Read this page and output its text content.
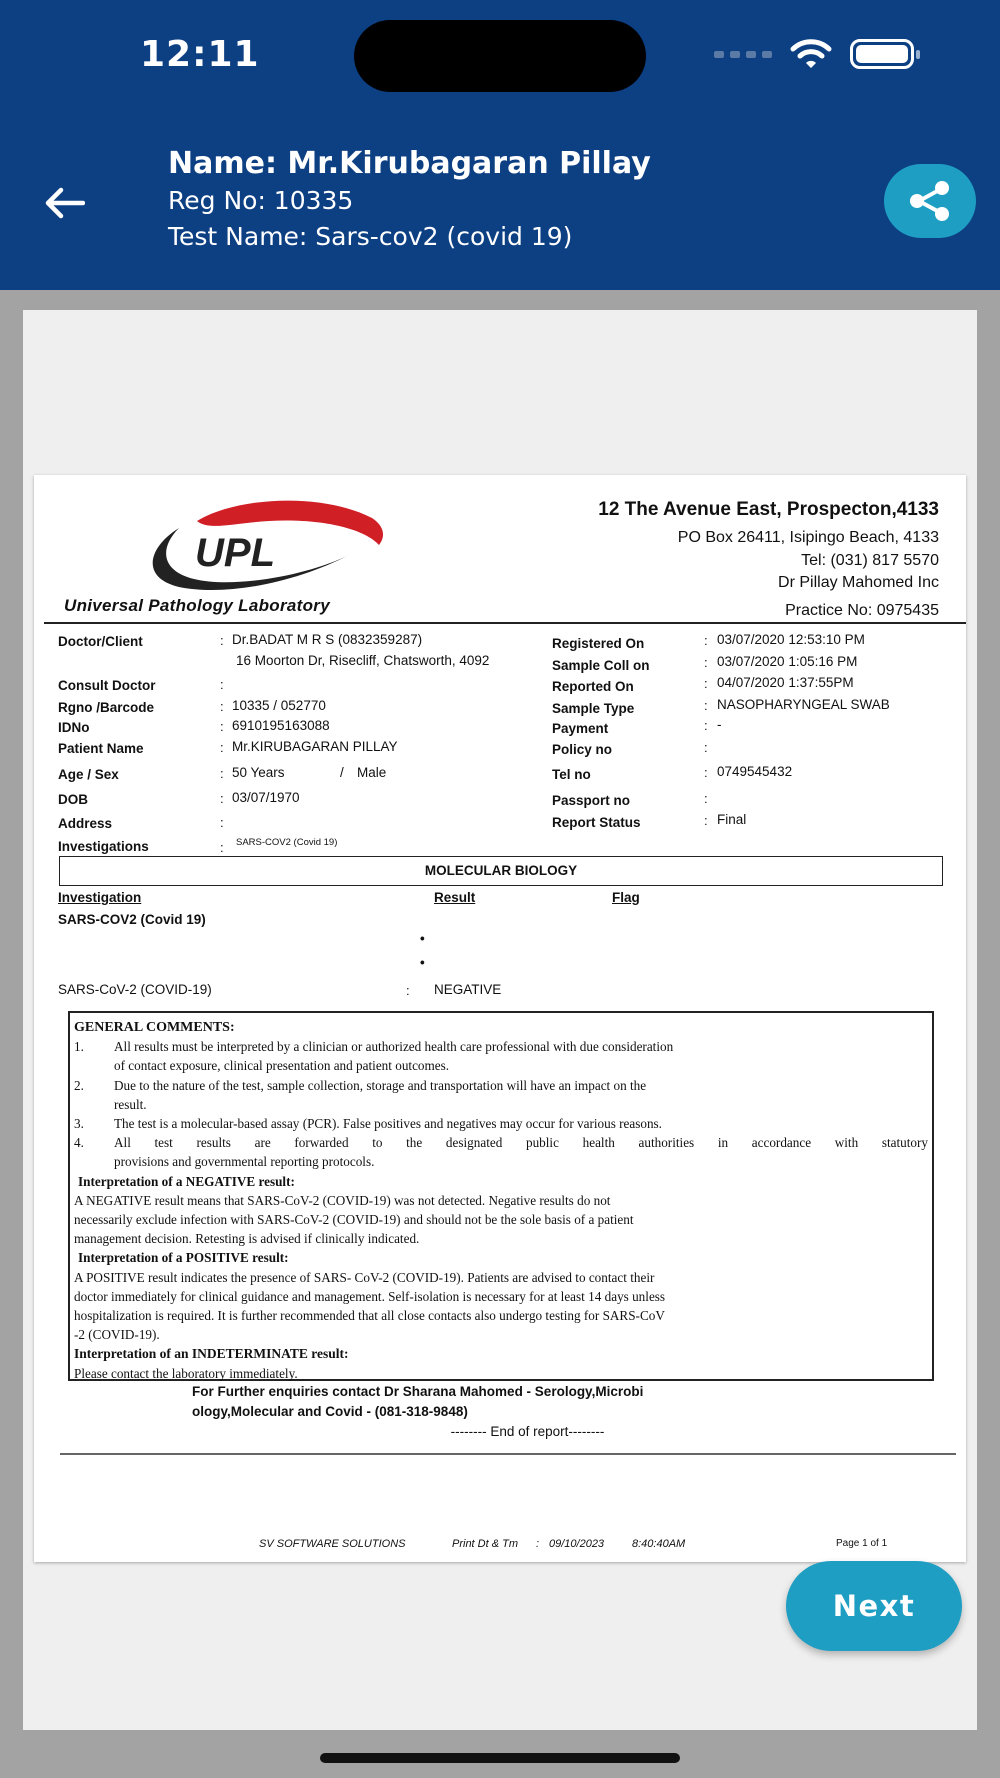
12:11
Name: Mr.Kirubagaran Pillay
Reg No: 10335
Test Name: Sars-cov2 (covid 19)
UPL
Universal Pathology Laboratory
12 The Avenue East, Prospecton,4133
PO Box 26411, Isipingo Beach, 4133
Tel: (031) 817 5570
Dr Pillay Mahomed Inc
Practice No: 0975435
Doctor/Client	: Dr.BADAT M R S (0832359287)
16 Moorton Dr, Risecliff, Chatsworth, 4092
Consult Doctor	:
Rgno /Barcode	: 10335 / 052770
IDNo	: 6910195163088
Patient Name	: Mr.KIRUBAGARAN PILLAY
Age / Sex	: 50 Years	/ Male
DOB	: 03/07/1970
Address	:
Investigations	: SARS-COV2 (Covid 19)
Registered On	: 03/07/2020 12:53:10 PM
Sample Coll on	: 03/07/2020 1:05:16 PM
Reported On	: 04/07/2020 1:37:55PM
Sample Type	: NASOPHARYNGEAL SWAB
Payment	: -
Policy no	:
Tel no	: 0749545432
Passport no	:
Report Status	: Final
MOLECULAR BIOLOGY
Investigation	Result	Flag
SARS-COV2 (Covid 19)
•
•
SARS-CoV-2 (COVID-19)	: NEGATIVE
GENERAL COMMENTS:
1.	All results must be interpreted by a clinician or authorized health care professional with due consideration
of contact exposure, clinical presentation and patient outcomes.
2.	Due to the nature of the test, sample collection, storage and transportation will have an impact on the
result.
3.	The test is a molecular-based assay (PCR). False positives and negatives may occur for various reasons.
4.	All test results are forwarded to the designated public health authorities in accordance with statutory
provisions and governmental reporting protocols.
Interpretation of a NEGATIVE result:
A NEGATIVE result means that SARS-CoV-2 (COVID-19) was not detected. Negative results do not
necessarily exclude infection with SARS-CoV-2 (COVID-19) and should not be the sole basis of a patient
management decision. Retesting is advised if clinically indicated.
Interpretation of a POSITIVE result:
A POSITIVE result indicates the presence of SARS- CoV-2 (COVID-19). Patients are advised to contact their
doctor immediately for clinical guidance and management. Self-isolation is necessary for at least 14 days unless
hospitalization is required. It is further recommended that all close contacts also undergo testing for SARS-CoV
-2 (COVID-19).
Interpretation of an INDETERMINATE result:
Please contact the laboratory immediately.
For Further enquiries contact Dr Sharana Mahomed - Serology,Microbi
ology,Molecular and Covid - (081-318-9848)
-------- End of report--------
SV SOFTWARE SOLUTIONS	Print Dt & Tm : 09/10/2023	8:40:40AM	Page 1 of 1
Next
